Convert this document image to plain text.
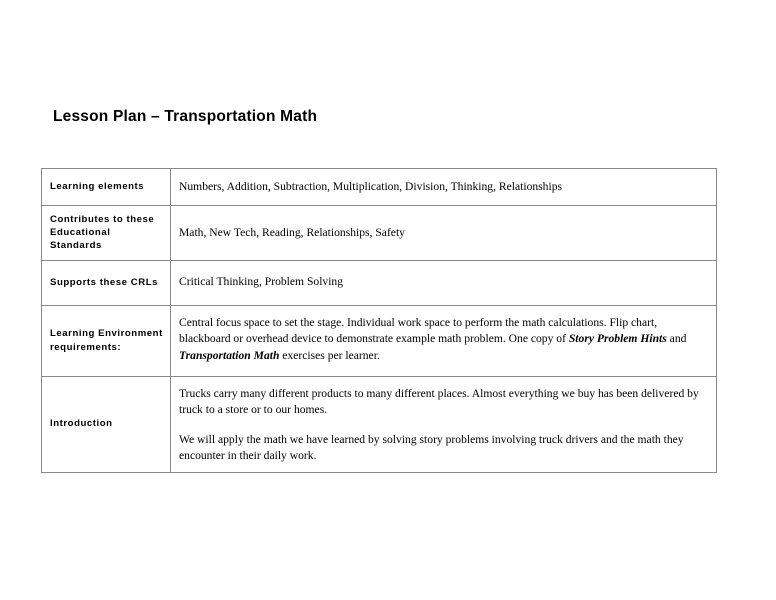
Lesson Plan – Transportation Math
Learning elements	Numbers, Addition, Subtraction, Multiplication, Division, Thinking, Relationships
Contributes to these Educational Standards	Math, New Tech, Reading, Relationships, Safety
Supports these CRLs	Critical Thinking, Problem Solving
Learning Environment requirements:	Central focus space to set the stage. Individual work space to perform the math calculations. Flip chart, blackboard or overhead device to demonstrate example math problem. One copy of Story Problem Hints and Transportation Math exercises per learner.

Introduction	Trucks carry many different products to many different places. Almost everything we buy has been delivered by truck to a store or to our homes.

We will apply the math we have learned by solving story problems involving truck drivers and the math they encounter in their daily work.
